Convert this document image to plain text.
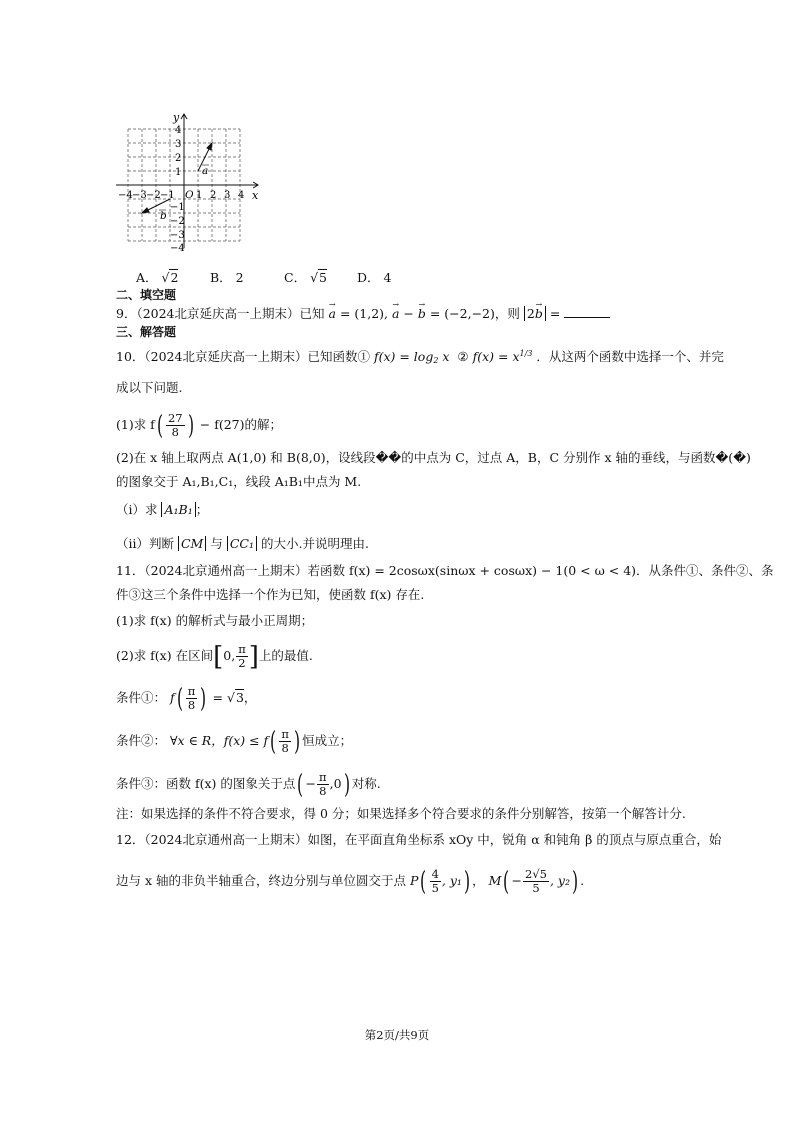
x
y
O
−4 −3 −2 −1 1 2 3 4
4
3
2
1
−1
−2
−3
−4
a
b
A． √2	B． 2	C． √5 D． 4
二、填空题
9．（2024北京延庆高一上期末）已知 → a = (1,2), → a − → b = (−2,−2)，则 2→ b =
三、解答题
10．（2024北京延庆高一上期末）已知函数① $f(x) = \log_2 x$ ② $f(x) = x^{1/3}$ ．从这两个函数中选择一个、并完
成以下问题.
(1)求 $f( \frac{27}{8}$ ) − f(27)的解；
(2)在 x 轴上取两点 A(1,0) 和 B(8,0)，设线段��的中点为 C，过点 A，B，C 分别作 x 轴的垂线，与函数�(�)
的图象交于 A₁,B₁,C₁，线段 A₁B₁中点为 M.
（i）求 A₁B₁ ；
（ii）判断 CM 与 CC₁ 的大小.并说明理由.
11．（2024北京通州高一上期末）若函数 f(x) = 2cosωx(sinωx + cosωx) − 1(0 < ω < 4)．从条件①、条件②、条
件③这三个条件中选择一个作为已知，使函数 f(x) 存在.
(1)求 f(x) 的解析式与最小正周期；
(2)求 f(x) 在区间[0, $\frac{\pi}{2}$ ]上的最值.
条件①： $f( \frac{\pi}{8}$ ) = √3，
条件②： ∀x ∈ R，$f(x) \le f( \frac{\pi}{8}$ ) 恒成立；
条件③：函数 f(x) 的图象关于点( − $\frac{\pi}{8} ,0$) 对称.
注：如果选择的条件不符合要求，得 0 分；如果选择多个符合要求的条件分别解答，按第一个解答计分.
12．（2024北京通州高一上期末）如图，在平面直角坐标系 xOy 中，锐角 α 和钝角 β 的顶点与原点重合，始
边与 x 轴的非负半轴重合，终边分别与单位圆交于点 $P( \frac{4}{5}$ , y₁) ， $M( - \frac{2√5}{5}$ , y₂) .
第2页/共9页
